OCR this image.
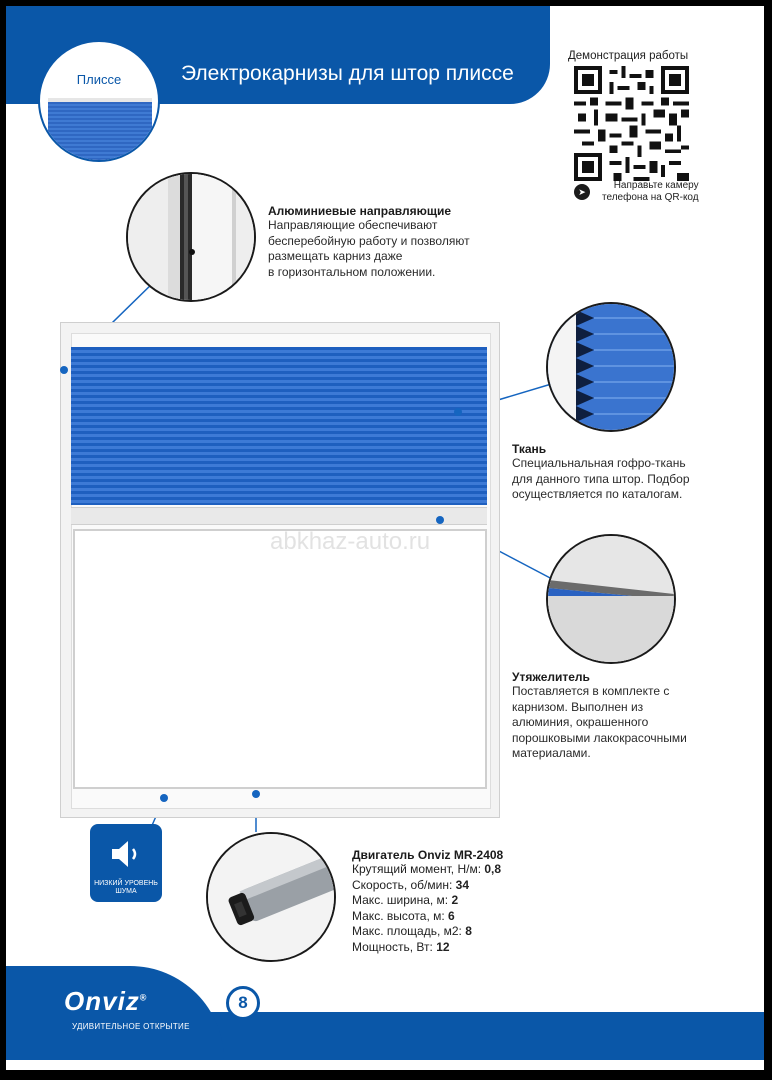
Электрокарнизы для штор плиссе
Плиссе
Демонстрация работы
➤
Направьте камеру
телефона на QR-код
Алюминиевые направляющие
Направляющие обеспечивают
бесперебойную работу и позволяют
размещать карниз даже
в горизонтальном положении.
abkhaz-auto.ru
Ткань
Специальнальная гофро-ткань
для данного типа штор. Подбор
осуществляется по каталогам.
Утяжелитель
Поставляется в комплекте с
карнизом. Выполнен из
алюминия, окрашенного
порошковыми лакокрасочными
материалами.
НИЗКИЙ УРОВЕНЬ
ШУМА
Двигатель Onviz MR-2408
Крутящий момент, Н/м: 0,8
Скорость, об/мин: 34
Макс. ширина, м: 2
Макс. высота, м: 6
Макс. площадь, м2: 8
Мощность, Вт: 12
Onviz®
УДИВИТЕЛЬНОЕ ОТКРЫТИЕ
8
